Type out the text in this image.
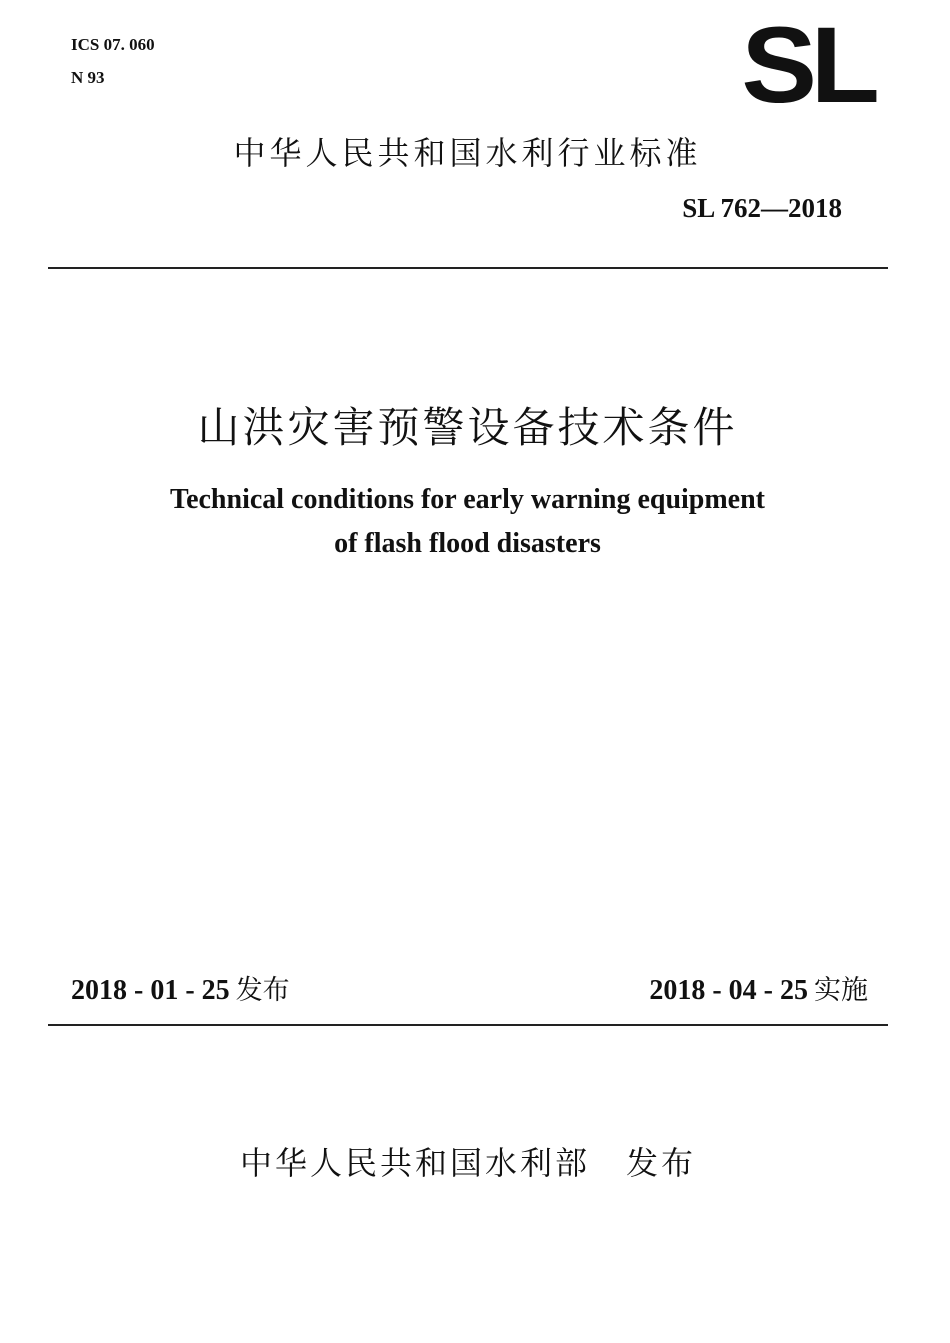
ICS 07. 060
N 93	SL
中华人民共和国水利行业标准
SL 762—2018
山洪灾害预警设备技术条件
Technical conditions for early warning equipment
of flash flood disasters
2018 - 01 - 25 发布	2018 - 04 - 25 实施
中华人民共和国水利部 发布
